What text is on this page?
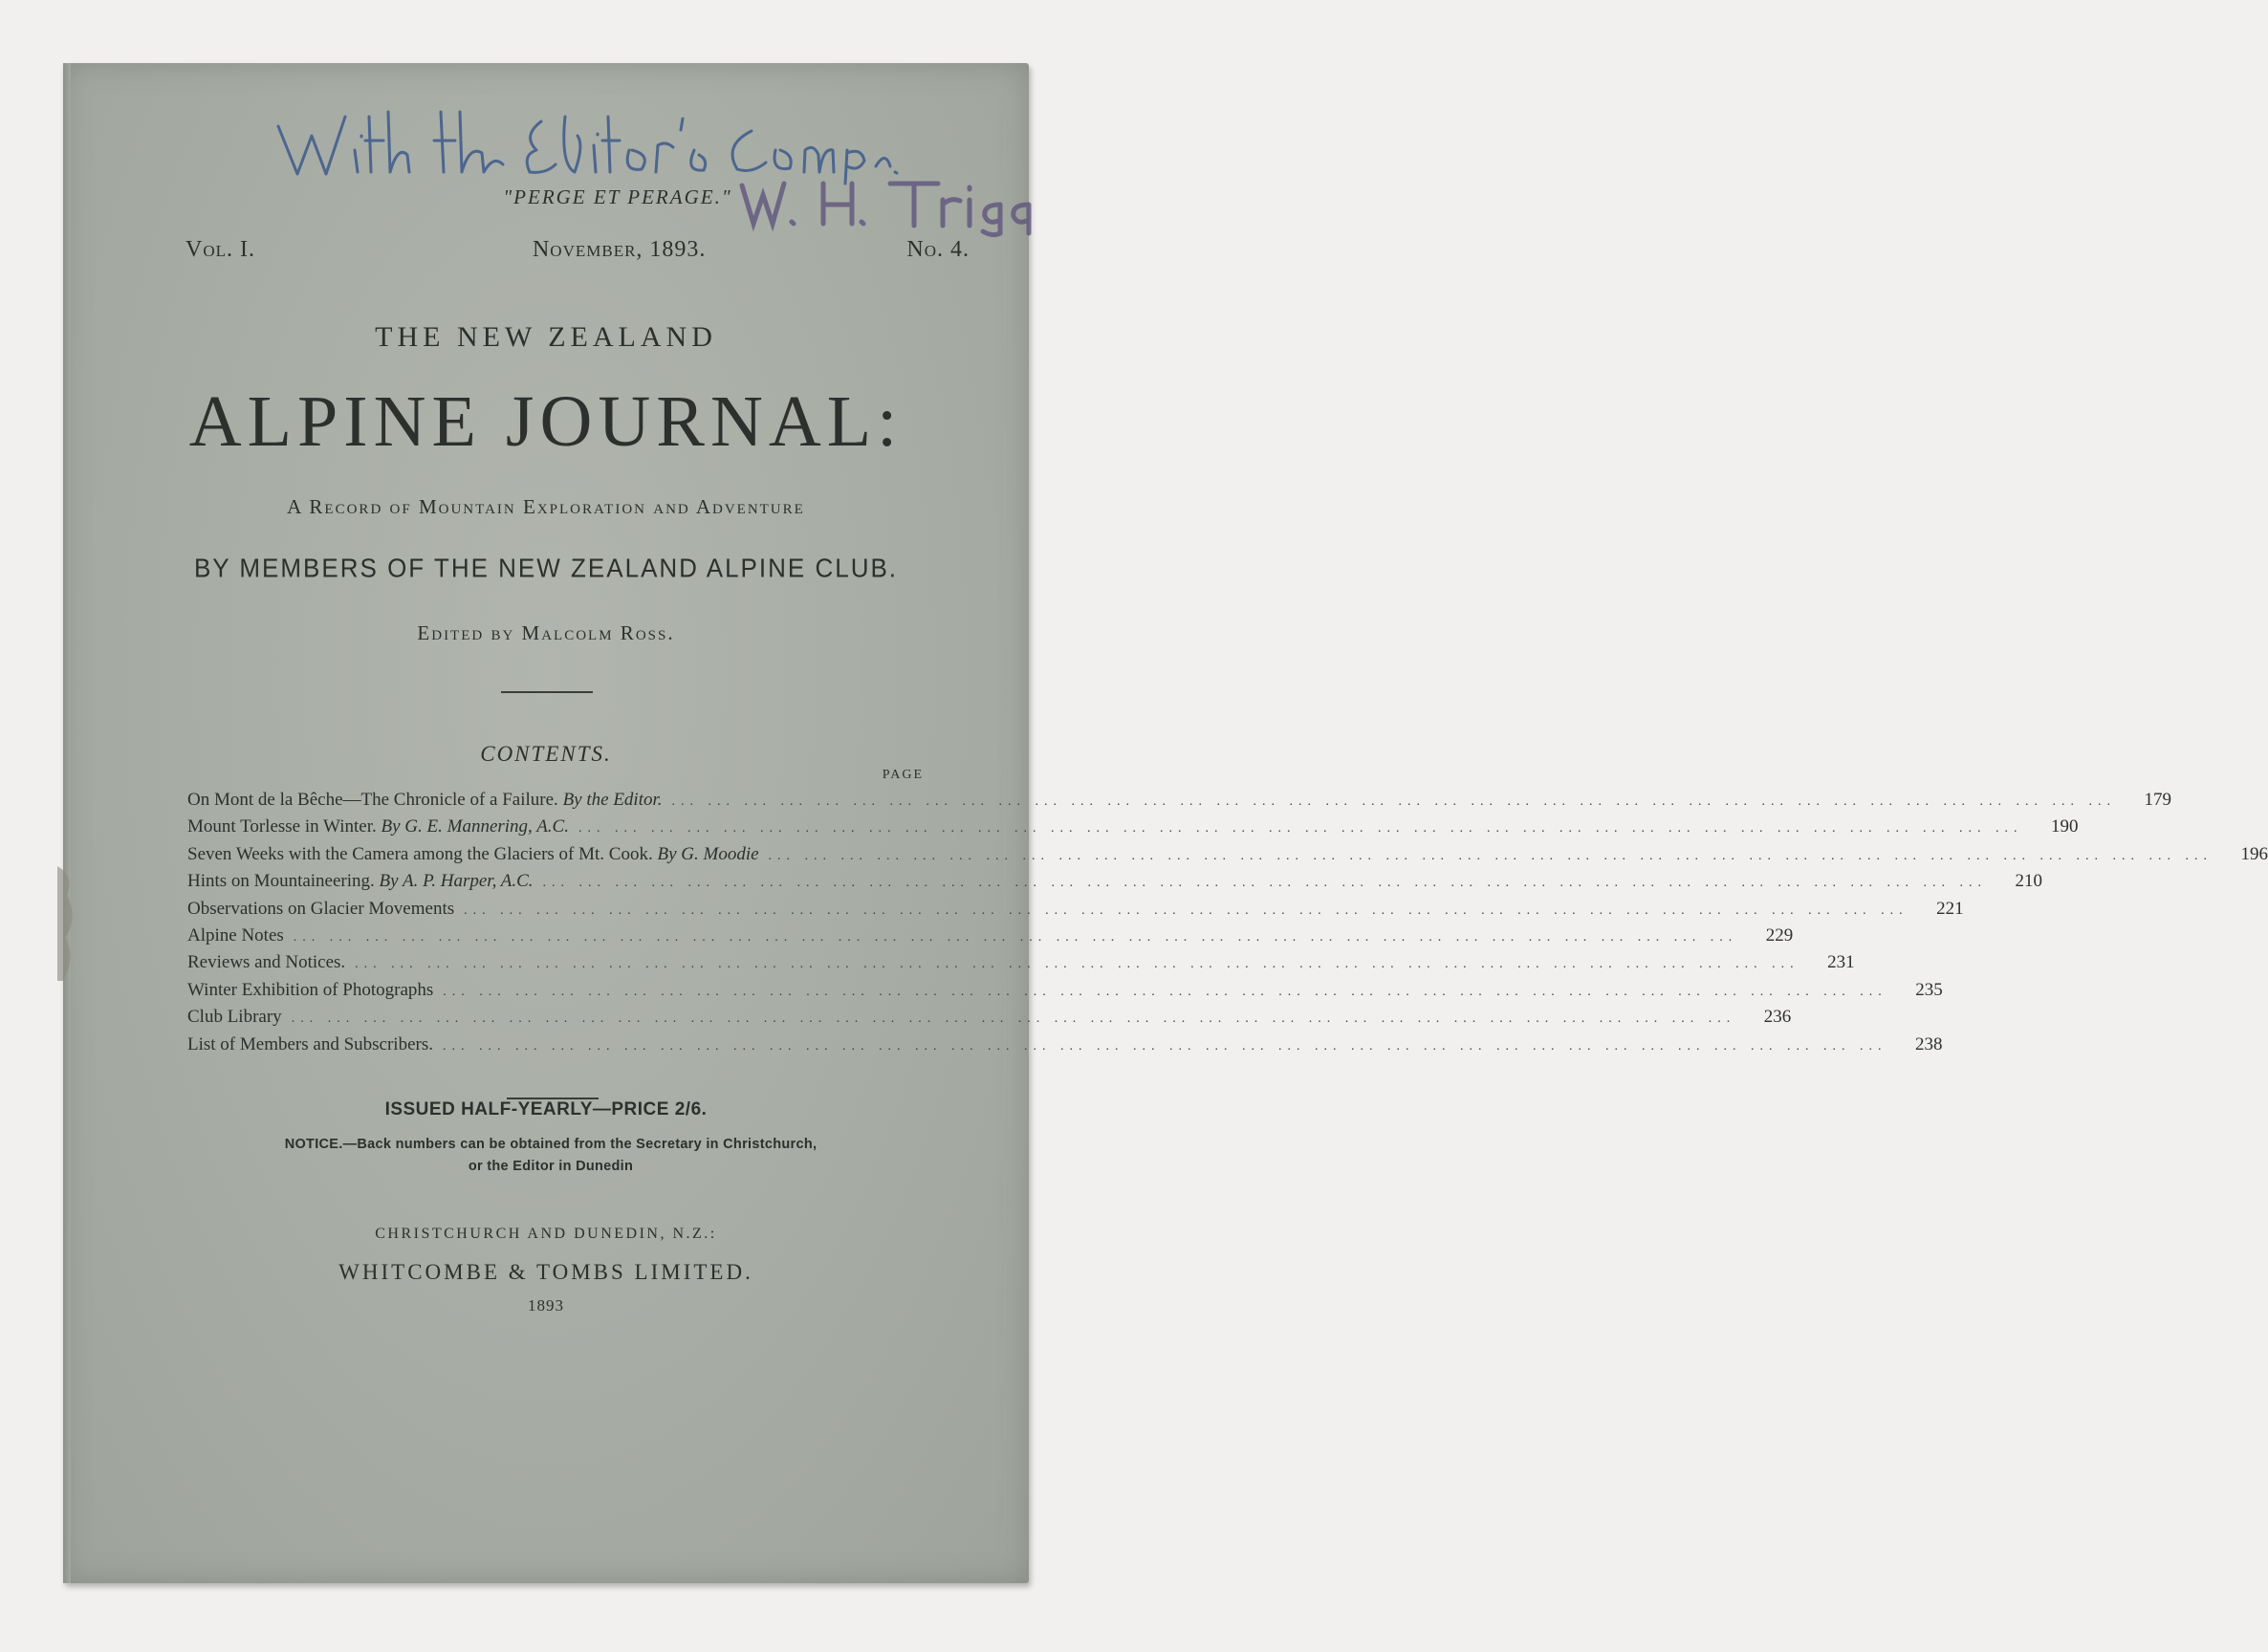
"PERGE ET PERAGE."
Vol. I.	November, 1893.	No. 4.
THE NEW ZEALAND
ALPINE JOURNAL:
A Record of Mountain Exploration and Adventure
BY MEMBERS OF THE NEW ZEALAND ALPINE CLUB.
Edited by Malcolm Ross.
CONTENTS.
PAGE
On Mont de la Bêche—The Chronicle of a Failure. By the Editor. ... ... ... ... ... ... ... ... ... ... ... ... ... ... ... ... ... ... ... ... ... ... ... ... ... ... ... ... ... ... ... ... ... ... ... ... ... ... ... ...	179
Mount Torlesse in Winter. By G. E. Mannering, A.C. ... ... ... ... ... ... ... ... ... ... ... ... ... ... ... ... ... ... ... ... ... ... ... ... ... ... ... ... ... ... ... ... ... ... ... ... ... ... ... ...	190
Seven Weeks with the Camera among the Glaciers of Mt. Cook. By G. Moodie ... ... ... ... ... ... ... ... ... ... ... ... ... ... ... ... ... ... ... ... ... ... ... ... ... ... ... ... ... ... ... ... ... ... ... ... ... ... ... ...	196
Hints on Mountaineering. By A. P. Harper, A.C. ... ... ... ... ... ... ... ... ... ... ... ... ... ... ... ... ... ... ... ... ... ... ... ... ... ... ... ... ... ... ... ... ... ... ... ... ... ... ... ...	210
Observations on Glacier Movements ... ... ... ... ... ... ... ... ... ... ... ... ... ... ... ... ... ... ... ... ... ... ... ... ... ... ... ... ... ... ... ... ... ... ... ... ... ... ... ...	221
Alpine Notes ... ... ... ... ... ... ... ... ... ... ... ... ... ... ... ... ... ... ... ... ... ... ... ... ... ... ... ... ... ... ... ... ... ... ... ... ... ... ... ...	229
Reviews and Notices. ... ... ... ... ... ... ... ... ... ... ... ... ... ... ... ... ... ... ... ... ... ... ... ... ... ... ... ... ... ... ... ... ... ... ... ... ... ... ... ...	231
Winter Exhibition of Photographs ... ... ... ... ... ... ... ... ... ... ... ... ... ... ... ... ... ... ... ... ... ... ... ... ... ... ... ... ... ... ... ... ... ... ... ... ... ... ... ...	235
Club Library ... ... ... ... ... ... ... ... ... ... ... ... ... ... ... ... ... ... ... ... ... ... ... ... ... ... ... ... ... ... ... ... ... ... ... ... ... ... ... ...	236
List of Members and Subscribers. ... ... ... ... ... ... ... ... ... ... ... ... ... ... ... ... ... ... ... ... ... ... ... ... ... ... ... ... ... ... ... ... ... ... ... ... ... ... ... ...	238
ISSUED HALF-YEARLY—PRICE 2/6.
NOTICE.—Back numbers can be obtained from the Secretary in Christchurch,
or the Editor in Dunedin
CHRISTCHURCH AND DUNEDIN, N.Z.:
WHITCOMBE & TOMBS LIMITED.
1893
